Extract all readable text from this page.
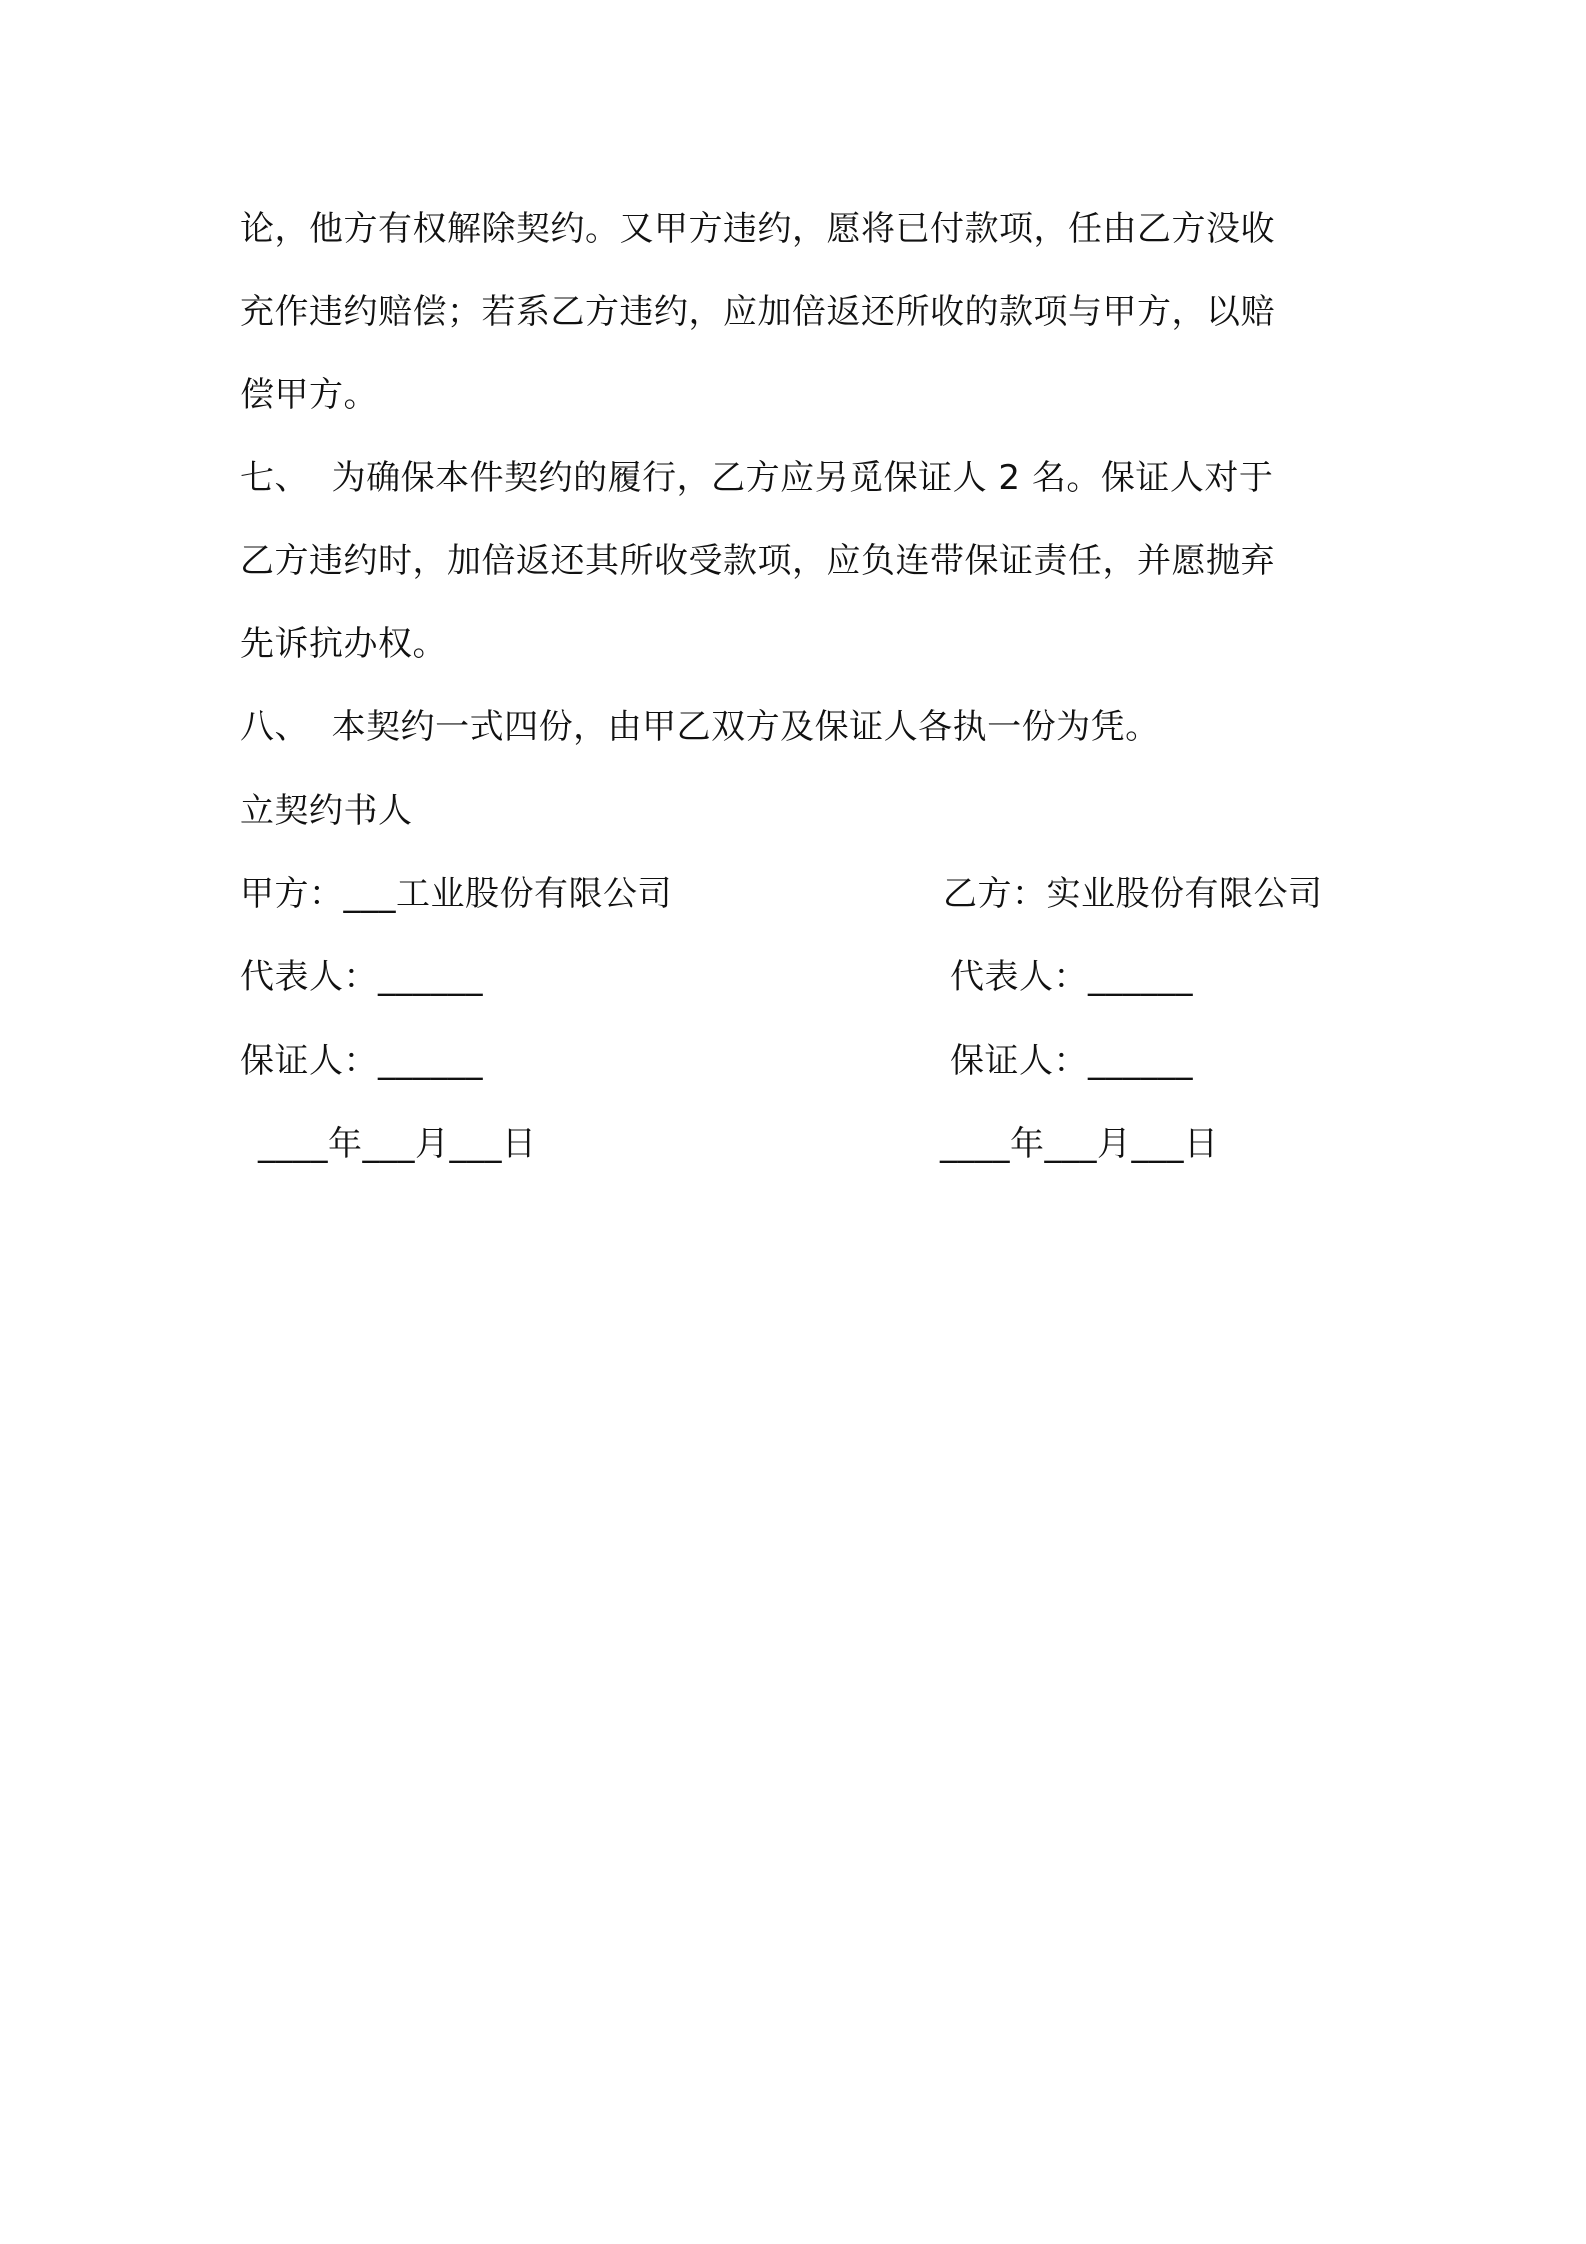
论，他方有权解除契约。又甲方违约，愿将已付款项，任由乙方没收
充作违约赔偿；若系乙方违约，应加倍返还所收的款项与甲方，以赔
偿甲方。
七、  为确保本件契约的履行，乙方应另觅保证人 2 名。保证人对于
乙方违约时，加倍返还其所收受款项，应负连带保证责任，并愿抛弃
先诉抗办权。
八、  本契约一式四份，由甲乙双方及保证人各执一份为凭。
立契约书人
甲方：___工业股份有限公司	乙方：实业股份有限公司
代表人：______	代表人：______
保证人：______	保证人：______
____年___月___日	____年___月___日
